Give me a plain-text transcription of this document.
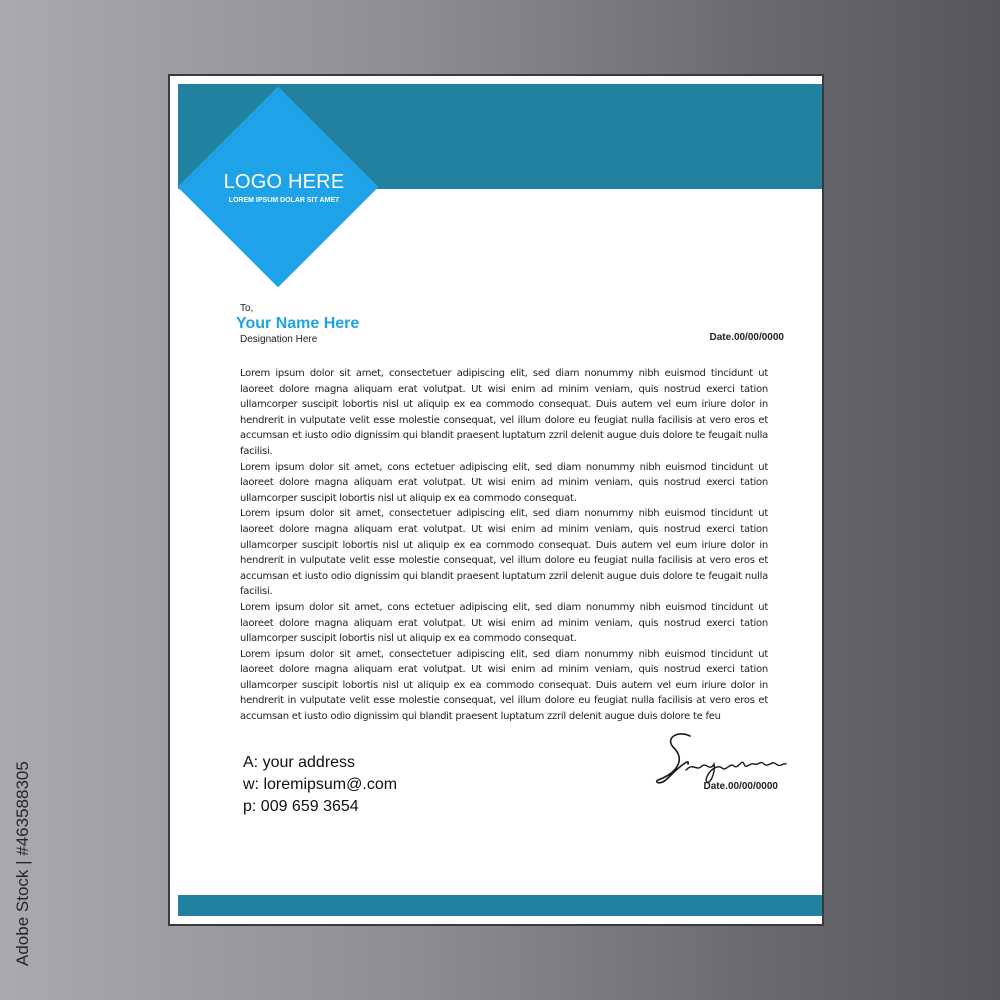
LOGO HERE
LOREM IPSUM DOLAR SIT AMET
To,
Your Name Here
Designation Here	Date.00/00/0000

Lorem ipsum dolor sit amet, consectetuer adipiscing elit, sed diam nonummy nibh euismod tincidunt ut laoreet dolore magna aliquam erat volutpat. Ut wisi enim ad minim veniam, quis nostrud exerci tation ullamcorper suscipit lobortis nisl ut aliquip ex ea commodo consequat. Duis autem vel eum iriure dolor in hendrerit in vulputate velit esse molestie consequat, vel illum dolore eu feugiat nulla facilisis at vero eros et accumsan et iusto odio dignissim qui blandit praesent luptatum zzril delenit augue duis dolore te feugait nulla facilisi.

Lorem ipsum dolor sit amet, cons ectetuer adipiscing elit, sed diam nonummy nibh euismod tincidunt ut laoreet dolore magna aliquam erat volutpat. Ut wisi enim ad minim veniam, quis nostrud exerci tation ullamcorper suscipit lobortis nisl ut aliquip ex ea commodo consequat.

Lorem ipsum dolor sit amet, consectetuer adipiscing elit, sed diam nonummy nibh euismod tincidunt ut laoreet dolore magna aliquam erat volutpat. Ut wisi enim ad minim veniam, quis nostrud exerci tation ullamcorper suscipit lobortis nisl ut aliquip ex ea commodo consequat. Duis autem vel eum iriure dolor in hendrerit in vulputate velit esse molestie consequat, vel illum dolore eu feugiat nulla facilisis at vero eros et accumsan et iusto odio dignissim qui blandit praesent luptatum zzril delenit augue duis dolore te feugait nulla facilisi.

Lorem ipsum dolor sit amet, cons ectetuer adipiscing elit, sed diam nonummy nibh euismod tincidunt ut laoreet dolore magna aliquam erat volutpat. Ut wisi enim ad minim veniam, quis nostrud exerci tation ullamcorper suscipit lobortis nisl ut aliquip ex ea commodo consequat.

Lorem ipsum dolor sit amet, consectetuer adipiscing elit, sed diam nonummy nibh euismod tincidunt ut laoreet dolore magna aliquam erat volutpat. Ut wisi enim ad minim veniam, quis nostrud exerci tation ullamcorper suscipit lobortis nisl ut aliquip ex ea commodo consequat. Duis autem vel eum iriure dolor in hendrerit in vulputate velit esse molestie consequat, vel illum dolore eu feugiat nulla facilisis at vero eros et accumsan et iusto odio dignissim qui blandit praesent luptatum zzril delenit augue duis dolore te feu

A: your address
w: loremipsum@.com
p: 009 659 3654
Date.00/00/0000
Adobe Stock | #463588305
